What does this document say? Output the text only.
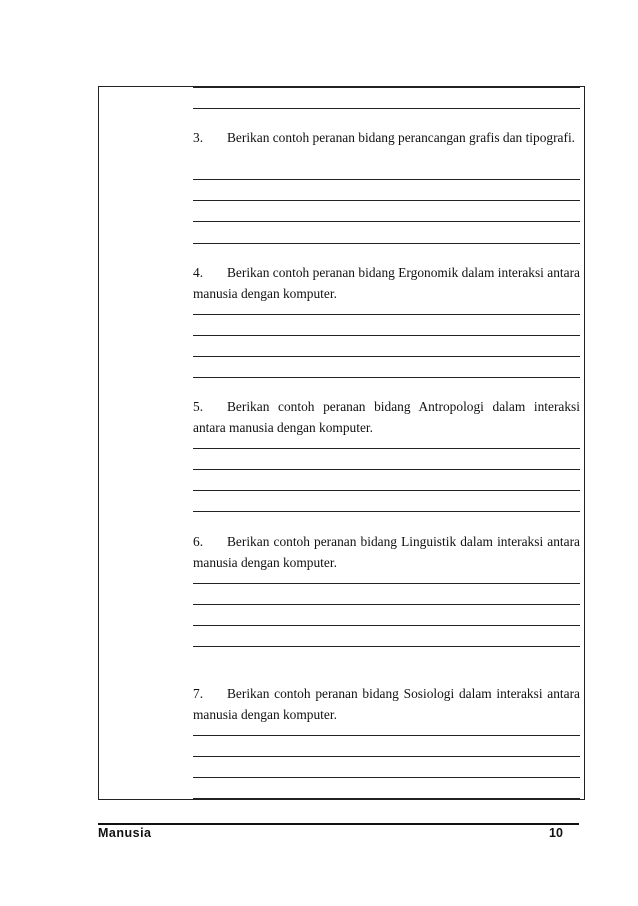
3. Berikan contoh peranan bidang perancangan grafis dan tipografi.
4. Berikan contoh peranan bidang Ergonomik dalam interaksi antara manusia dengan komputer.
5. Berikan contoh peranan bidang Antropologi dalam interaksi antara manusia dengan komputer.
6. Berikan contoh peranan bidang Linguistik dalam interaksi antara manusia dengan komputer.
7. Berikan contoh peranan bidang Sosiologi dalam interaksi antara manusia dengan komputer.
Manusia	10
